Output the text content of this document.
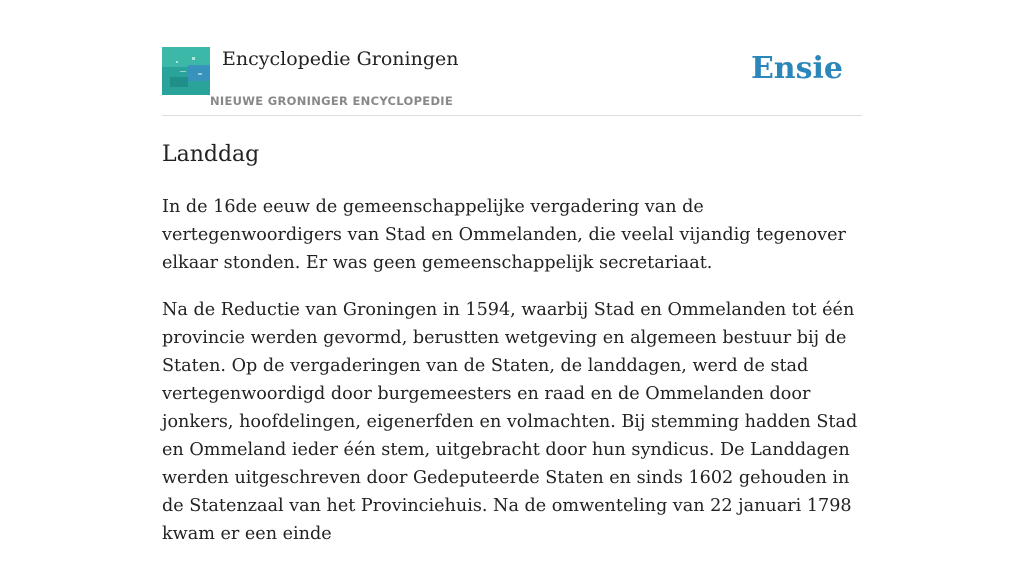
Encyclopedie Groningen
NIEUWE GRONINGER ENCYCLOPEDIE
Ensie
Landdag

In de 16de eeuw de gemeenschappelijke vergadering van de vertegenwoordigers van Stad en Ommelanden, die veelal vijandig tegenover elkaar stonden. Er was geen gemeenschappelijk secretariaat.

Na de Reductie van Groningen in 1594, waarbij Stad en Ommelanden tot één provincie werden gevormd, berustten wetgeving en algemeen bestuur bij de Staten. Op de vergaderingen van de Staten, de landdagen, werd de stad vertegenwoordigd door burgemeesters en raad en de Ommelanden door jonkers, hoofdelingen, eigenerfden en volmachten. Bij stemming hadden Stad en Ommeland ieder één stem, uitgebracht door hun syndicus. De Landdagen werden uitgeschreven door Gedeputeerde Staten en sinds 1602 gehouden in de Statenzaal van het Provinciehuis. Na de omwenteling van 22 januari 1798 kwam er een einde
